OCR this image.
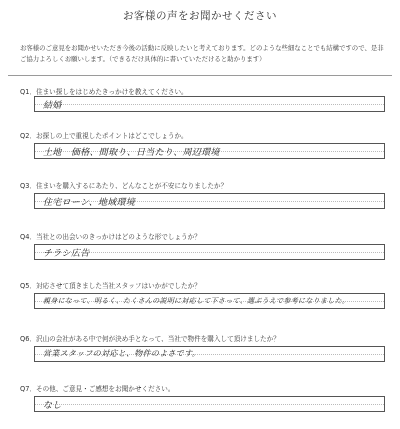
お客様の声をお聞かせください
お客様のご意見をお聞かせいただき今後の活動に反映したいと考えております。どのような些細なことでも結構ですので、是非ご協力よろしくお願いします。（できるだけ具体的に書いていただけると助かります）
Q1．住まい探しをはじめたきっかけを教えてください。
結婚
Q2．お探しの上で重視したポイントはどこでしょうか。
土地　価格、間取り、日当たり、周辺環境
Q3．住まいを購入するにあたり、どんなことが不安になりましたか？
住宅ローン、地域環境
Q4．当社との出会いのきっかけはどのような形でしょうか？
チラシ広告
Q5．対応させて頂きました当社スタッフはいかがでしたか？
親身になって、明るく、たくさんの説明に対応して下さって、選ぶうえで参考になりました。
Q6．沢山の会社がある中で何が決め手となって、当社で物件を購入して頂けましたか？
営業スタッフの対応と、物件のよさです。
Q7．その他、ご意見・ご感想をお聞かせください。
なし
